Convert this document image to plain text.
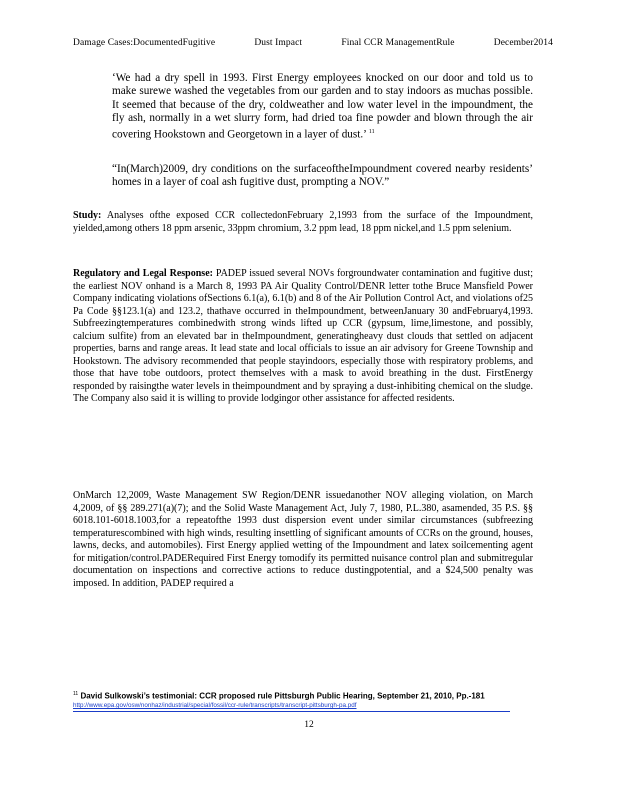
Damage Cases:DocumentedFugitive	Dust Impact	Final CCR ManagementRule	December2014
‘We had a dry spell in 1993. First Energy employees knocked on our door and told us to make surewe washed the vegetables from our garden and to stay indoors as muchas possible. It seemed that because of the dry, coldweather and low water level in the impoundment, the fly ash, normally in a wet slurry form, had dried toa fine powder and blown through the air covering Hookstown and Georgetown in a layer of dust.’ $^{11}$
“In(March)2009, dry conditions on the surfaceoftheImpoundment covered nearby residents’ homes in a layer of coal ash fugitive dust, prompting a NOV.”
Study: Analyses ofthe exposed CCR collectedonFebruary 2,1993 from the surface of the Impoundment, yielded,among others 18 ppm arsenic, 33ppm chromium, 3.2 ppm lead, 18 ppm nickel,and 1.5 ppm selenium.
Regulatory and Legal Response: PADEP issued several NOVs forgroundwater contamination and fugitive dust; the earliest NOV onhand is a March 8, 1993 PA Air Quality Control/DENR letter tothe Bruce Mansfield Power Company indicating violations ofSections 6.1(a), 6.1(b) and 8 of the Air Pollution Control Act, and violations of25 Pa Code §§123.1(a) and 123.2, thathave occurred in theImpoundment, betweenJanuary 30 andFebruary4,1993. Subfreezingtemperatures combinedwith strong winds lifted up CCR (gypsum, lime,limestone, and possibly, calcium sulfite) from an elevated bar in theImpoundment, generatingheavy dust clouds that settled on adjacent properties, barns and range areas. It lead state and local officials to issue an air advisory for Greene Township and Hookstown. The advisory recommended that people stayindoors, especially those with respiratory problems, and those that have tobe outdoors, protect themselves with a mask to avoid breathing in the dust. FirstEnergy responded by raisingthe water levels in theimpoundment and by spraying a dust-inhibiting chemical on the sludge. The Company also said it is willing to provide lodgingor other assistance for affected residents.
OnMarch 12,2009, Waste Management SW Region/DENR issuedanother NOV alleging violation, on March 4,2009, of §§ 289.271(a)(7); and the Solid Waste Management Act, July 7, 1980, P.L.380, asamended, 35 P.S. §§ 6018.101-6018.1003,for a repeatofthe 1993 dust dispersion event under similar circumstances (subfreezing temperaturescombined with high winds, resulting insettling of significant amounts of CCRs on the ground, houses, lawns, decks, and automobiles). First Energy applied wetting of the Impoundment and latex soilcementing agent for mitigation/control.PADERequired First Energy tomodify its permitted nuisance control plan and submitregular documentation on inspections and corrective actions to reduce dustingpotential, and a $24,500 penalty was imposed. In addition, PADEP required a
$^{11}$ David Sulkowski’s testimonial: CCR proposed rule Pittsburgh Public Hearing, September 21, 2010, Pp.-181
http://www.epa.gov/osw/nonhaz/industrial/special/fossil/ccr-rule/transcripts/transcript-pittsburgh-pa.pdf
12
